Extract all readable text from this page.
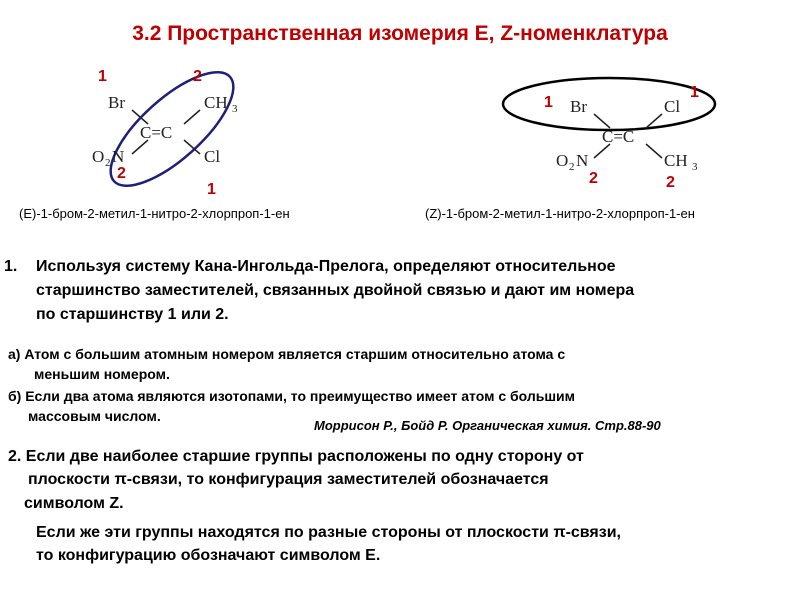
3.2 Пространственная изомерия E, Z-номенклатура
Br	CH 3
C=C
O 2 N	Cl
1	2
2
1
(E)-1-бром-2-метил-1-нитро-2-хлорпроп-1-ен
Br	Cl
C=C
O 2 N	CH 3
1
1
2	2
(Z)-1-бром-2-метил-1-нитро-2-хлорпроп-1-ен
1. Используя систему Кана-Ингольда-Прелога, определяют относительное
старшинство заместителей, связанных двойной связью и дают им номера
по старшинству 1 или 2.
а) Атом с большим атомным номером является старшим относительно атома с
меньшим номером.
б) Если два атома являются изотопами, то преимущество имеет атом с большим
массовым числом.
Моррисон Р., Бойд Р. Органическая химия. Стр.88-90
2. Если две наиболее старшие группы расположены по одну сторону от
плоскости π-связи, то конфигурация заместителей обозначается
символом Z.
Если же эти группы находятся по разные стороны от плоскости π-связи,
то конфигурацию обозначают символом E.
